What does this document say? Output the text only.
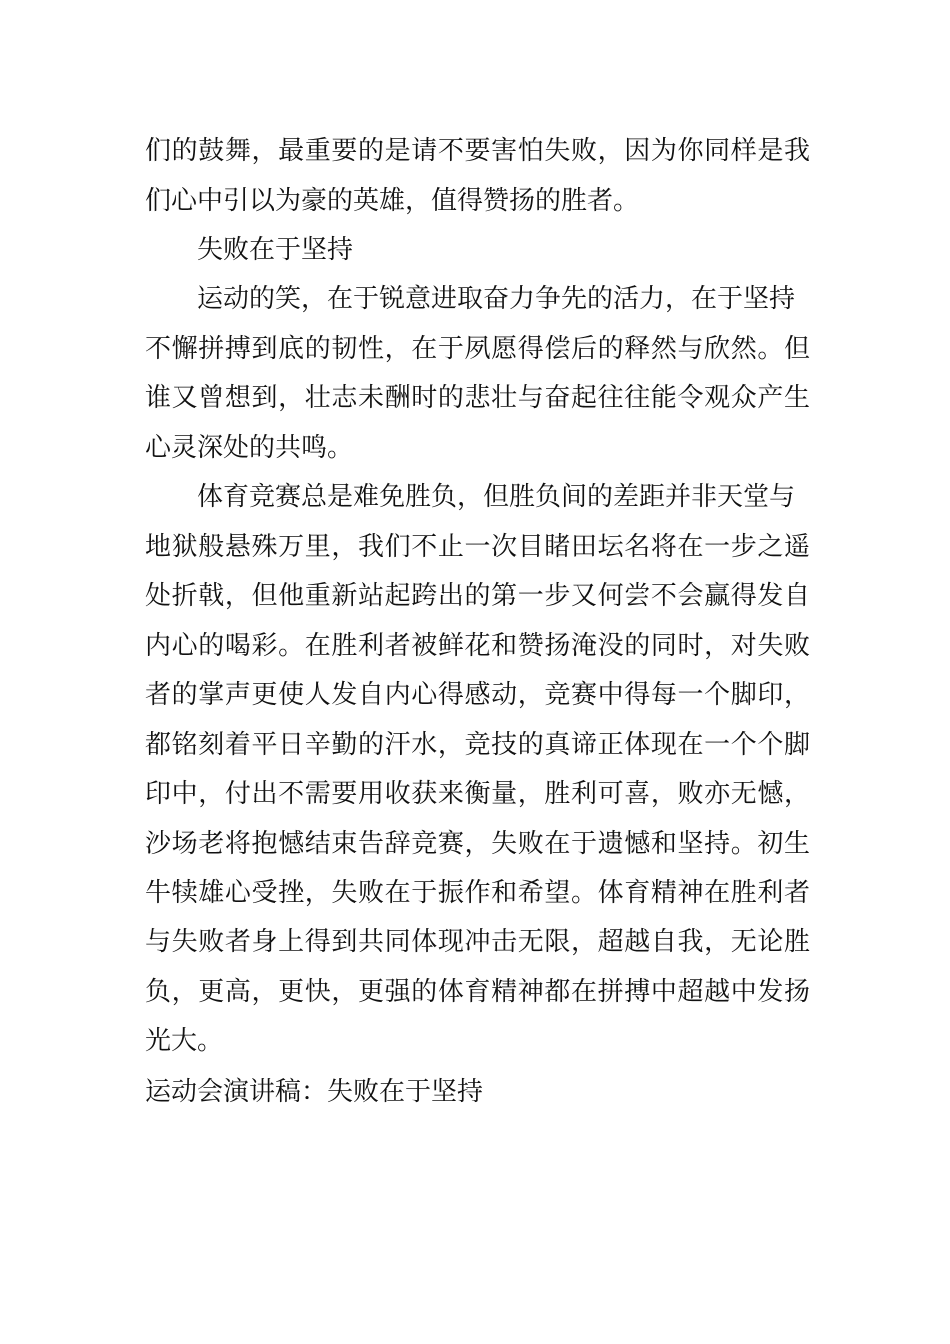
们的鼓舞，最重要的是请不要害怕失败，因为你同样是我
们心中引以为豪的英雄，值得赞扬的胜者。
失败在于坚持
运动的笑，在于锐意进取奋力争先的活力，在于坚持
不懈拼搏到底的韧性，在于夙愿得偿后的释然与欣然。但
谁又曾想到，壮志未酬时的悲壮与奋起往往能令观众产生
心灵深处的共鸣。
体育竞赛总是难免胜负，但胜负间的差距并非天堂与
地狱般悬殊万里，我们不止一次目睹田坛名将在一步之遥
处折戟，但他重新站起跨出的第一步又何尝不会赢得发自
内心的喝彩。在胜利者被鲜花和赞扬淹没的同时，对失败
者的掌声更使人发自内心得感动，竞赛中得每一个脚印，
都铭刻着平日辛勤的汗水，竞技的真谛正体现在一个个脚
印中，付出不需要用收获来衡量，胜利可喜，败亦无憾，
沙场老将抱憾结束告辞竞赛，失败在于遗憾和坚持。初生
牛犊雄心受挫，失败在于振作和希望。体育精神在胜利者
与失败者身上得到共同体现冲击无限，超越自我，无论胜
负，更高，更快，更强的体育精神都在拼搏中超越中发扬
光大。
运动会演讲稿：失败在于坚持
